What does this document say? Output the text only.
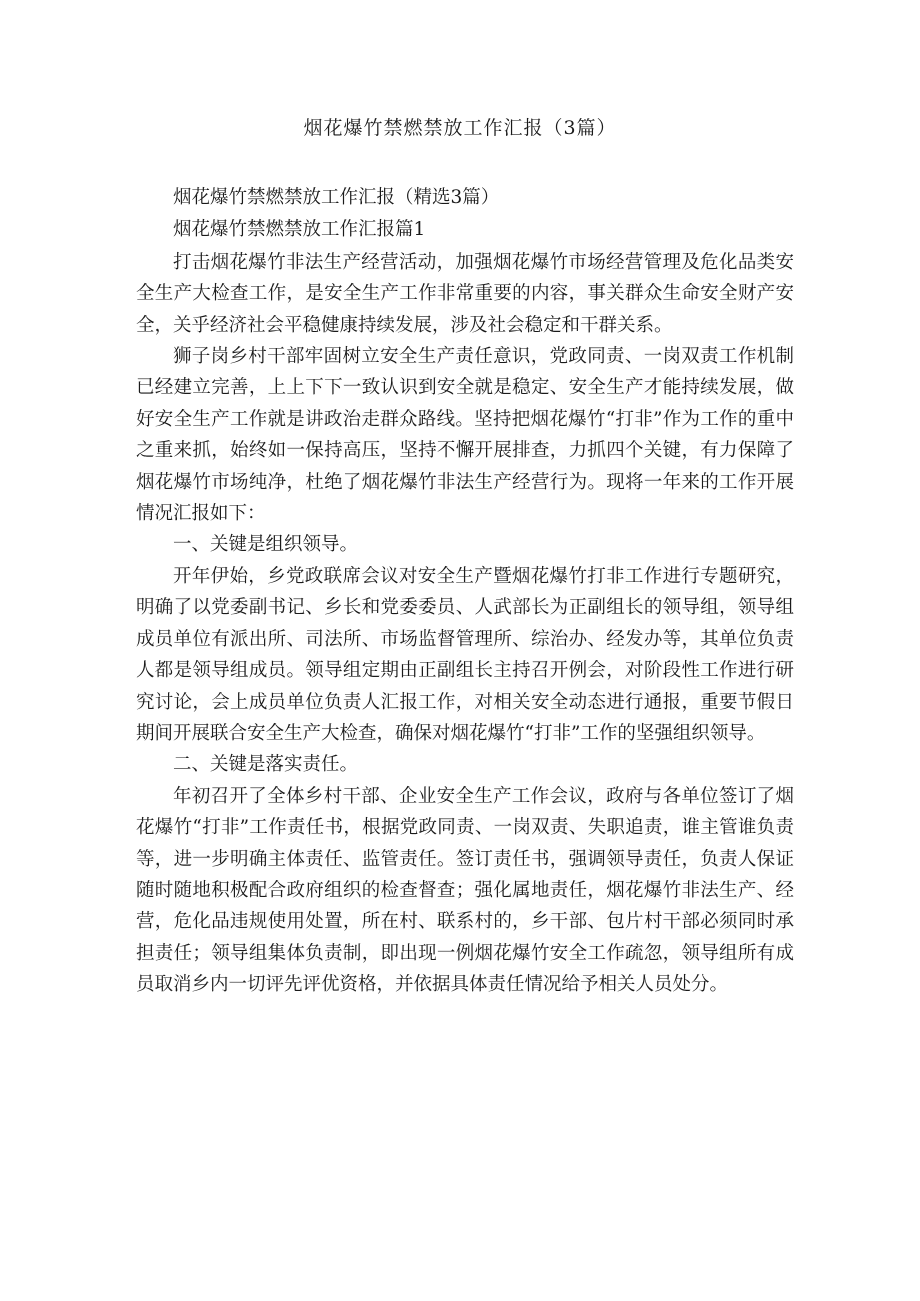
烟花爆竹禁燃禁放工作汇报（3篇）

烟花爆竹禁燃禁放工作汇报（精选3篇）

烟花爆竹禁燃禁放工作汇报篇1

打击烟花爆竹非法生产经营活动，加强烟花爆竹市场经营管理及危化品类安全生产大检查工作，是安全生产工作非常重要的内容，事关群众生命安全财产安全，关乎经济社会平稳健康持续发展，涉及社会稳定和干群关系。

狮子岗乡村干部牢固树立安全生产责任意识，党政同责、一岗双责工作机制已经建立完善，上上下下一致认识到安全就是稳定、安全生产才能持续发展，做好安全生产工作就是讲政治走群众路线。坚持把烟花爆竹“打非”作为工作的重中之重来抓，始终如一保持高压，坚持不懈开展排查，力抓四个关键，有力保障了烟花爆竹市场纯净，杜绝了烟花爆竹非法生产经营行为。现将一年来的工作开展情况汇报如下：

一、关键是组织领导。

开年伊始，乡党政联席会议对安全生产暨烟花爆竹打非工作进行专题研究，明确了以党委副书记、乡长和党委委员、人武部长为正副组长的领导组，领导组成员单位有派出所、司法所、市场监督管理所、综治办、经发办等，其单位负责人都是领导组成员。领导组定期由正副组长主持召开例会，对阶段性工作进行研究讨论，会上成员单位负责人汇报工作，对相关安全动态进行通报，重要节假日期间开展联合安全生产大检查，确保对烟花爆竹“打非”工作的坚强组织领导。

二、关键是落实责任。

年初召开了全体乡村干部、企业安全生产工作会议，政府与各单位签订了烟花爆竹“打非”工作责任书，根据党政同责、一岗双责、失职追责，谁主管谁负责等，进一步明确主体责任、监管责任。签订责任书，强调领导责任，负责人保证随时随地积极配合政府组织的检查督查；强化属地责任，烟花爆竹非法生产、经营，危化品违规使用处置，所在村、联系村的，乡干部、包片村干部必须同时承担责任；领导组集体负责制，即出现一例烟花爆竹安全工作疏忽，领导组所有成员取消乡内一切评先评优资格，并依据具体责任情况给予相关人员处分。
